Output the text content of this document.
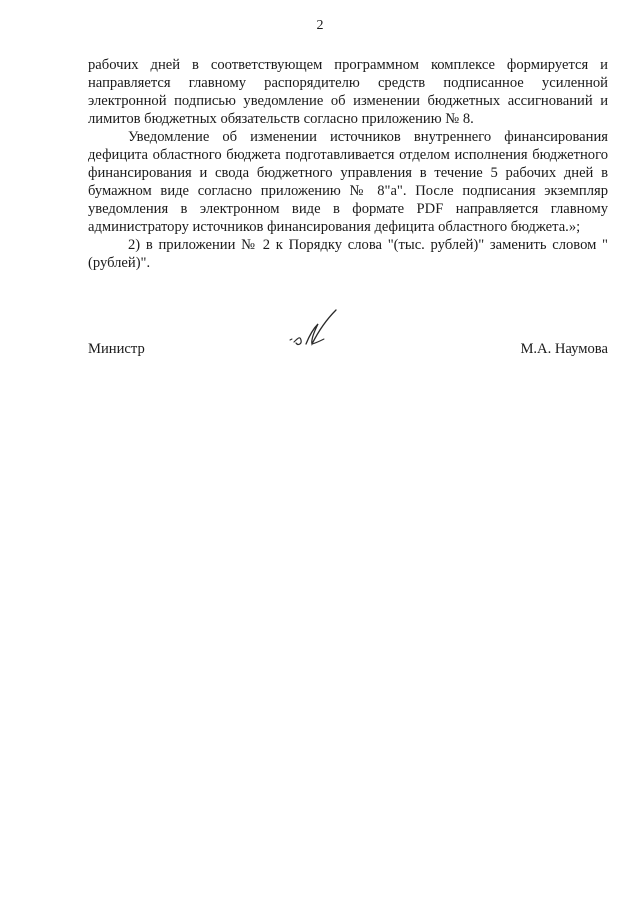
2

рабочих дней в соответствующем программном комплексе формируется и направляется главному распорядителю средств подписанное усиленной электронной подписью уведомление об изменении бюджетных ассигнований и лимитов бюджетных обязательств согласно приложению № 8.

Уведомление об изменении источников внутреннего финансирования дефицита областного бюджета подготавливается отделом исполнения бюджетного финансирования и свода бюджетного управления в течение 5 рабочих дней в бумажном виде согласно приложению № 8"а". После подписания экземпляр уведомления в электронном виде в формате PDF направляется главному администратору источников финансирования дефицита областного бюджета.»;

2) в приложении № 2 к Порядку слова "(тыс. рублей)" заменить словом "(рублей)".

Министр	М.А. Наумова
